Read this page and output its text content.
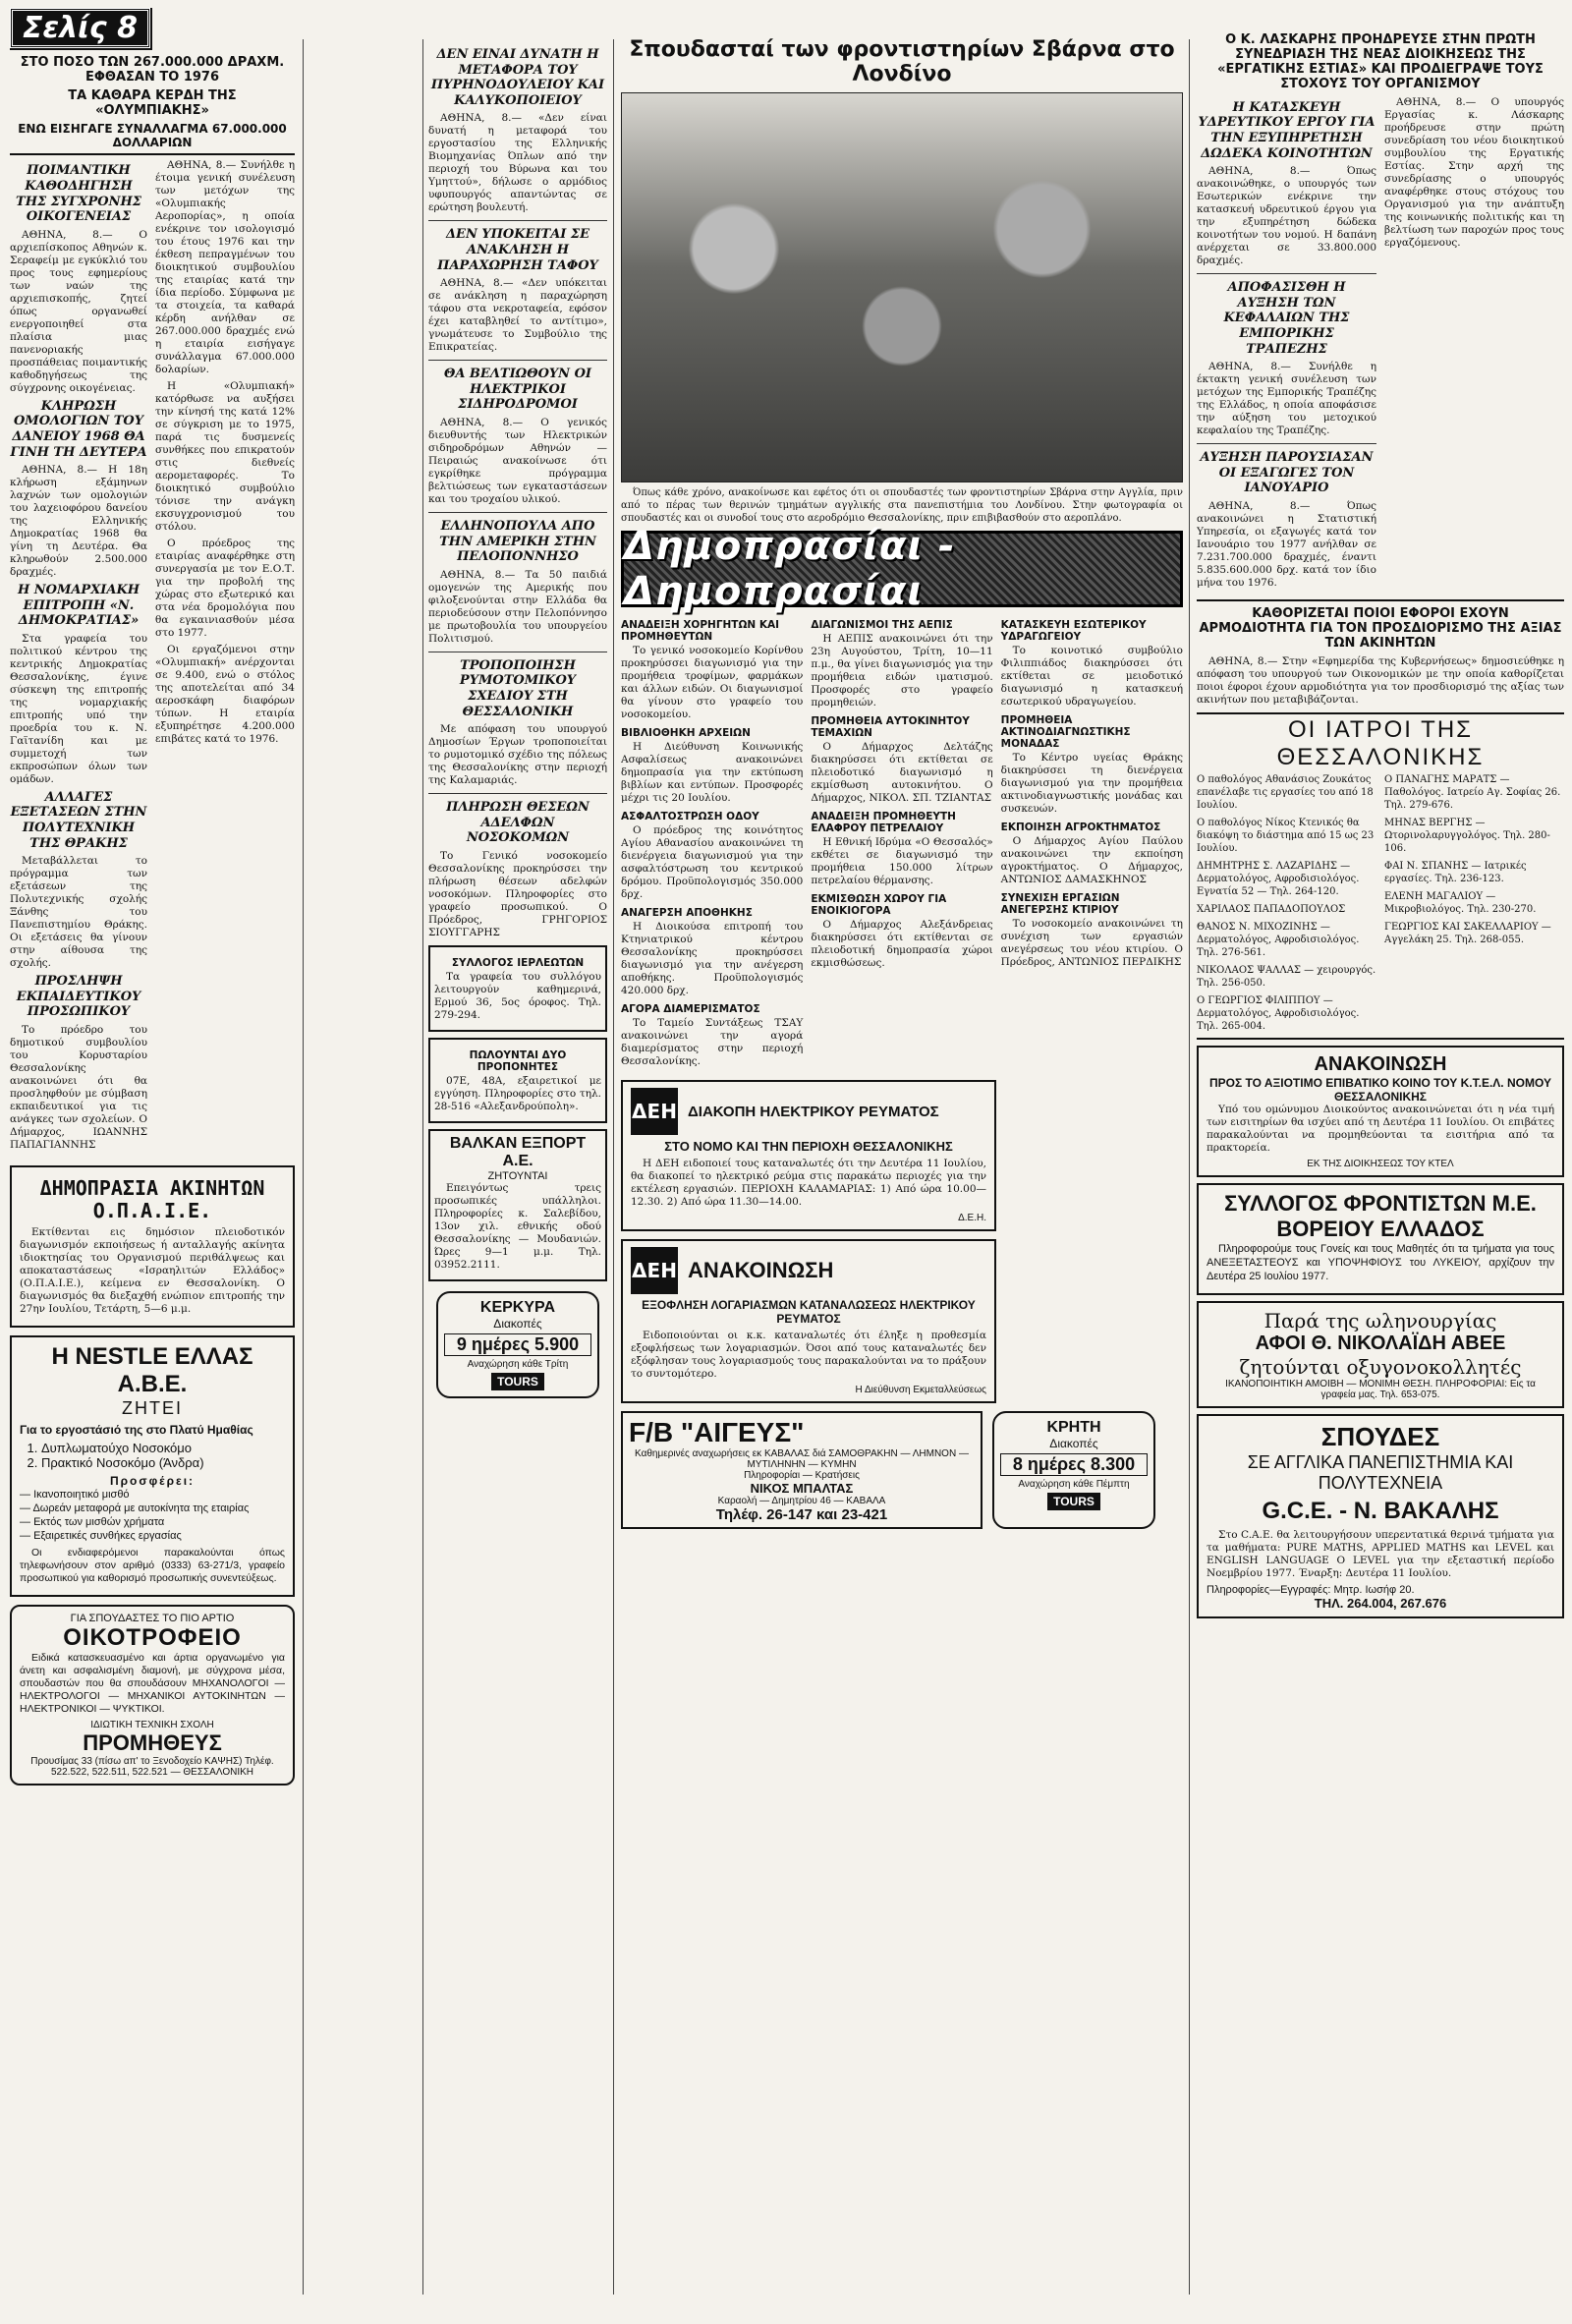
Σελίς 8
ΣΤΟ ΠΟΣΟ ΤΩΝ 267.000.000 ΔΡΑΧΜ. ΕΦΘΑΣΑΝ ΤΟ 1976
ΤΑ ΚΑΘΑΡΑ ΚΕΡΔΗ ΤΗΣ «ΟΛΥΜΠΙΑΚΗΣ»
ΕΝΩ ΕΙΣΗΓΑΓΕ ΣΥΝΑΛΛΑΓΜΑ 67.000.000 ΔΟΛΛΑΡΙΩΝ
ΠΟΙΜΑΝΤΙΚΗ ΚΑΘΟΔΗΓΗΣΗ ΤΗΣ ΣΥΓΧΡΟΝΗΣ ΟΙΚΟΓΕΝΕΙΑΣ

ΑΘΗΝΑ, 8.— Ο αρχιεπίσκοπος Αθηνών κ. Σεραφείμ με εγκύκλιό του προς τους εφημερίους των ναών της αρχιεπισκοπής, ζητεί όπως οργανωθεί ενεργοποιηθεί στα πλαίσια μιας πανενοριακής προσπάθειας ποιμαντικής καθοδηγήσεως της σύγχρονης οικογένειας.

ΚΛΗΡΩΣΗ ΟΜΟΛΟΓΙΩΝ ΤΟΥ ΔΑΝΕΙΟΥ 1968 ΘΑ ΓΙΝΗ ΤΗ ΔΕΥΤΕΡΑ

ΑΘΗΝΑ, 8.— Η 18η κλήρωση εξάμηνων λαχνών των ομολογιών του λαχειοφόρου δανείου της Ελληνικής Δημοκρατίας 1968 θα γίνη τη Δευτέρα. Θα κληρωθούν 2.500.000 δραχμές.

Η ΝΟΜΑΡΧΙΑΚΗ ΕΠΙΤΡΟΠΗ «Ν. ΔΗΜΟΚΡΑΤΙΑΣ»

Στα γραφεία του πολιτικού κέντρου της κεντρικής Δημοκρατίας Θεσσαλονίκης, έγινε σύσκεψη της επιτροπής της νομαρχιακής επιτροπής υπό την προεδρία του κ. Ν. Γαϊτανίδη και με συμμετοχή των εκπροσώπων όλων των ομάδων.

ΑΛΛΑΓΕΣ ΕΞΕΤΑΣΕΩΝ ΣΤΗΝ ΠΟΛΥΤΕΧΝΙΚΗ ΤΗΣ ΘΡΑΚΗΣ

Μεταβάλλεται το πρόγραμμα των εξετάσεων της Πολυτεχνικής σχολής Ξάνθης του Πανεπιστημίου Θράκης. Οι εξετάσεις θα γίνουν στην αίθουσα της σχολής.

ΠΡΟΣΛΗΨΗ ΕΚΠΑΙΔΕΥΤΙΚΟΥ ΠΡΟΣΩΠΙΚΟΥ

Το πρόεδρο του δημοτικού συμβουλίου του Κορυσταρίου Θεσσαλονίκης ανακοινώνει ότι θα προσληφθούν με σύμβαση εκπαιδευτικοί για τις ανάγκες των σχολείων. Ο Δήμαρχος, ΙΩΑΝΝΗΣ ΠΑΠΑΓΙΑΝΝΗΣ

ΑΘΗΝΑ, 8.— Συνήλθε η έτοιμα γενική συνέλευση των μετόχων της «Ολυμπιακής Αεροπορίας», η οποία ενέκρινε τον ισολογισμό του έτους 1976 και την έκθεση πεπραγμένων του διοικητικού συμβουλίου της εταιρίας κατά την ίδια περίοδο. Σύμφωνα με τα στοιχεία, τα καθαρά κέρδη ανήλθαν σε 267.000.000 δραχμές ενώ η εταιρία εισήγαγε συνάλλαγμα 67.000.000 δολαρίων.

Η «Ολυμπιακή» κατόρθωσε να αυξήσει την κίνησή της κατά 12% σε σύγκριση με το 1975, παρά τις δυσμενείς συνθήκες που επικρατούν στις διεθνείς αερομεταφορές. Το διοικητικό συμβούλιο τόνισε την ανάγκη εκσυγχρονισμού του στόλου.

Ο πρόεδρος της εταιρίας αναφέρθηκε στη συνεργασία με τον Ε.Ο.Τ. για την προβολή της χώρας στο εξωτερικό και στα νέα δρομολόγια που θα εγκαινιασθούν μέσα στο 1977.

Οι εργαζόμενοι στην «Ολυμπιακή» ανέρχονται σε 9.400, ενώ ο στόλος της αποτελείται από 34 αεροσκάφη διαφόρων τύπων. Η εταιρία εξυπηρέτησε 4.200.000 επιβάτες κατά το 1976.

ΔΗΜΟΠΡΑΣΙΑ ΑΚΙΝΗΤΩΝ Ο.Π.Α.Ι.Ε.

Εκτίθενται εις δημόσιον πλειοδοτικόν διαγωνισμόν εκποιήσεως ή ανταλλαγής ακίνητα ιδιοκτησίας του Οργανισμού περιθάλψεως και αποκαταστάσεως «Ισραηλιτών Ελλάδος» (Ο.Π.Α.Ι.Ε.), κείμενα εν Θεσσαλονίκη. Ο διαγωνισμός θα διεξαχθή ενώπιον επιτροπής την 27ην Ιουλίου, Τετάρτη, 5—6 μ.μ.

Η NESTLE ΕΛΛΑΣ Α.Β.Ε.
ΖΗΤΕΙ
Για το εργοστάσιό της στο Πλατύ Ημαθίας
1. Δυπλωματούχο Νοσοκόμο
2. Πρακτικό Νοσοκόμο (Άνδρα)
Προσφέρει:
— Ικανοποιητικό μισθό
— Δωρεάν μεταφορά με αυτοκίνητα της εταιρίας
— Εκτός των μισθών χρήματα
— Εξαιρετικές συνθήκες εργασίας

Οι ενδιαφερόμενοι παρακαλούνται όπως τηλεφωνήσουν στον αριθμό (0333) 63-271/3, γραφείο προσωπικού για καθορισμό προσωπικής συνεντεύξεως.

ΓΙΑ ΣΠΟΥΔΑΣΤΕΣ ΤΟ ΠΙΟ ΑΡΤΙΟ
ΟΙΚΟΤΡΟΦΕΙΟ

Ειδικά κατασκευασμένο και άρτια οργανωμένο για άνετη και ασφαλισμένη διαμονή, με σύγχρονα μέσα, σπουδαστών που θα σπουδάσουν ΜΗΧΑΝΟΛΟΓΟΙ — ΗΛΕΚΤΡΟΛΟΓΟΙ — ΜΗΧΑΝΙΚΟΙ ΑΥΤΟΚΙΝΗΤΩΝ — ΗΛΕΚΤΡΟΝΙΚΟΙ — ΨΥΚΤΙΚΟΙ.

ΙΔΙΩΤΙΚΗ ΤΕΧΝΙΚΗ ΣΧΟΛΗ
ΠΡΟΜΗΘΕΥΣ
Προυσίμας 33 (πίσω απ' το Ξενοδοχείο ΚΑΨΗΣ) Τηλέφ. 522.522, 522.511, 522.521 — ΘΕΣΣΑΛΟΝΙΚΗ
ΔΕΝ ΕΙΝΑΙ ΔΥΝΑΤΗ Η ΜΕΤΑΦΟΡΑ ΤΟΥ ΠΥΡΗΝΟΔΟΥΛΕΙΟΥ ΚΑΙ ΚΑΛΥΚΟΠΟΙΕΙΟΥ

ΑΘΗΝΑ, 8.— «Δεν είναι δυνατή η μεταφορά του εργοστασίου της Ελληνικής Βιομηχανίας Όπλων από την περιοχή του Βύρωνα και του Υμηττού», δήλωσε ο αρμόδιος υφυπουργός απαντώντας σε ερώτηση βουλευτή.

ΔΕΝ ΥΠΟΚΕΙΤΑΙ ΣΕ ΑΝΑΚΛΗΣΗ Η ΠΑΡΑΧΩΡΗΣΗ ΤΑΦΟΥ

ΑΘΗΝΑ, 8.— «Δεν υπόκειται σε ανάκληση η παραχώρηση τάφου στα νεκροταφεία, εφόσον έχει καταβληθεί το αντίτιμο», γνωμάτευσε το Συμβούλιο της Επικρατείας.

ΘΑ ΒΕΛΤΙΩΘΟΥΝ ΟΙ ΗΛΕΚΤΡΙΚΟΙ ΣΙΔΗΡΟΔΡΟΜΟΙ

ΑΘΗΝΑ, 8.— Ο γενικός διευθυντής των Ηλεκτρικών σιδηροδρόμων Αθηνών — Πειραιώς ανακοίνωσε ότι εγκρίθηκε πρόγραμμα βελτιώσεως των εγκαταστάσεων και του τροχαίου υλικού.

ΕΛΛΗΝΟΠΟΥΛΑ ΑΠΟ ΤΗΝ ΑΜΕΡΙΚΗ ΣΤΗΝ ΠΕΛΟΠΟΝΝΗΣΟ

ΑΘΗΝΑ, 8.— Τα 50 παιδιά ομογενών της Αμερικής που φιλοξενούνται στην Ελλάδα θα περιοδεύσουν στην Πελοπόννησο με πρωτοβουλία του υπουργείου Πολιτισμού.

ΤΡΟΠΟΠΟΙΗΣΗ ΡΥΜΟΤΟΜΙΚΟΥ ΣΧΕΔΙΟΥ ΣΤΗ ΘΕΣΣΑΛΟΝΙΚΗ

Με απόφαση του υπουργού Δημοσίων Έργων τροποποιείται το ρυμοτομικό σχέδιο της πόλεως της Θεσσαλονίκης στην περιοχή της Καλαμαριάς.

ΠΛΗΡΩΣΗ ΘΕΣΕΩΝ ΑΔΕΛΦΩΝ ΝΟΣΟΚΟΜΩΝ

Το Γενικό νοσοκομείο Θεσσαλονίκης προκηρύσσει την πλήρωση θέσεων αδελφών νοσοκόμων. Πληροφορίες στο γραφείο προσωπικού. Ο Πρόεδρος, ΓΡΗΓΟΡΙΟΣ ΣΙΟΥΓΓΑΡΗΣ

ΣΥΛΛΟΓΟΣ ΙΕΡΛΕΩΤΩΝ

Τα γραφεία του συλλόγου λειτουργούν καθημερινά, Ερμού 36, 5ος όροφος. Τηλ. 279-294.

ΠΩΛΟΥΝΤΑΙ ΔΥΟ ΠΡΟΠΟΝΗΤΕΣ

07Ε, 48Α, εξαιρετικοί με εγγύηση. Πληροφορίες στο τηλ. 28-516 «Αλεξανδρούπολη».

ΒΑΛΚΑΝ ΕΞΠΟΡΤ Α.Ε.
ΖΗΤΟΥΝΤΑΙ

Επειγόντως τρεις προσωπικές υπάλληλοι. Πληροφορίες κ. Σαλεβίδου, 13ον χιλ. εθνικής οδού Θεσσαλονίκης — Μουδανιών. Ώρες 9—1 μ.μ. Τηλ. 03952.2111.

ΚΕΡΚΥΡΑ
Διακοπές
9 ημέρες 5.900
Αναχώρηση κάθε Τρίτη
TOURS
Σπουδασταί των φροντιστηρίων Σβάρνα στο Λονδίνο

Όπως κάθε χρόνο, ανακοίνωσε και εφέτος ότι οι σπουδαστές των φροντιστηρίων Σβάρνα στην Αγγλία, πριν από το πέρας των θερινών τμημάτων αγγλικής στα πανεπιστήμια του Λονδίνου. Στην φωτογραφία οι σπουδαστές και οι συνοδοί τους στο αεροδρόμιο Θεσσαλονίκης, πριν επιβιβασθούν στο αεροπλάνο.

Δημοπρασίαι - Δημοπρασίαι
ΑΝΑΔΕΙΞΗ ΧΟΡΗΓΗΤΩΝ ΚΑΙ ΠΡΟΜΗΘΕΥΤΩΝ

Το γενικό νοσοκομείο Κορίνθου προκηρύσσει διαγωνισμό για την προμήθεια τροφίμων, φαρμάκων και άλλων ειδών. Οι διαγωνισμοί θα γίνουν στο γραφείο του νοσοκομείου.

ΒΙΒΛΙΟΘΗΚΗ ΑΡΧΕΙΩΝ

Η Διεύθυνση Κοινωνικής Ασφαλίσεως ανακοινώνει δημοπρασία για την εκτύπωση βιβλίων και εντύπων. Προσφορές μέχρι τις 20 Ιουλίου.

ΑΣΦΑΛΤΟΣΤΡΩΣΗ ΟΔΟΥ

Ο πρόεδρος της κοινότητος Αγίου Αθανασίου ανακοινώνει τη διενέργεια διαγωνισμού για την ασφαλτόστρωση του κεντρικού δρόμου. Προϋπολογισμός 350.000 δρχ.

ΑΝΑΓΕΡΣΗ ΑΠΟΘΗΚΗΣ

Η Διοικούσα επιτροπή του Κτηνιατρικού κέντρου Θεσσαλονίκης προκηρύσσει διαγωνισμό για την ανέγερση αποθήκης. Προϋπολογισμός 420.000 δρχ.

ΑΓΟΡΑ ΔΙΑΜΕΡΙΣΜΑΤΟΣ

Το Ταμείο Συντάξεως ΤΣΑΥ ανακοινώνει την αγορά διαμερίσματος στην περιοχή Θεσσαλονίκης.

ΔΙΑΓΩΝΙΣΜΟΙ ΤΗΣ ΑΕΠΙΣ

Η ΑΕΠΙΣ ανακοινώνει ότι την 23η Αυγούστου, Τρίτη, 10—11 π.μ., θα γίνει διαγωνισμός για την προμήθεια ειδών ιματισμού. Προσφορές στο γραφείο προμηθειών.

ΠΡΟΜΗΘΕΙΑ ΑΥΤΟΚΙΝΗΤΟΥ ΤΕΜΑΧΙΩΝ

Ο Δήμαρχος Δελτάζης διακηρύσσει ότι εκτίθεται σε πλειοδοτικό διαγωνισμό η εκμίσθωση αυτοκινήτου. Ο Δήμαρχος, ΝΙΚΟΛ. ΣΠ. ΤΖΙΑΝΤΑΣ

ΑΝΑΔΕΙΞΗ ΠΡΟΜΗΘΕΥΤΗ ΕΛΑΦΡΟΥ ΠΕΤΡΕΛΑΙΟΥ

Η Εθνική Ιδρύμα «Ο Θεσσαλός» εκθέτει σε διαγωνισμό την προμήθεια 150.000 λίτρων πετρελαίου θέρμανσης.

ΕΚΜΙΣΘΩΣΗ ΧΩΡΟΥ ΓΙΑ ΕΝΟΙΚΙΟΓΟΡΑ

Ο Δήμαρχος Αλεξάνδρειας διακηρύσσει ότι εκτίθενται σε πλειοδοτική δημοπρασία χώροι εκμισθώσεως.

ΚΑΤΑΣΚΕΥΗ ΕΣΩΤΕΡΙΚΟΥ ΥΔΡΑΓΩΓΕΙΟΥ

Το κοινοτικό συμβούλιο Φιλιππιάδος διακηρύσσει ότι εκτίθεται σε μειοδοτικό διαγωνισμό η κατασκευή εσωτερικού υδραγωγείου.

ΠΡΟΜΗΘΕΙΑ ΑΚΤΙΝΟΔΙΑΓΝΩΣΤΙΚΗΣ ΜΟΝΑΔΑΣ

Το Κέντρο υγείας Θράκης διακηρύσσει τη διενέργεια διαγωνισμού για την προμήθεια ακτινοδιαγνωστικής μονάδας και συσκευών.

ΕΚΠΟΙΗΣΗ ΑΓΡΟΚΤΗΜΑΤΟΣ

Ο Δήμαρχος Αγίου Παύλου ανακοινώνει την εκποίηση αγροκτήματος. Ο Δήμαρχος, ΑΝΤΩΝΙΟΣ ΔΑΜΑΣΚΗΝΟΣ

ΣΥΝΕΧΙΣΗ ΕΡΓΑΣΙΩΝ ΑΝΕΓΕΡΣΗΣ ΚΤΙΡΙΟΥ

Το νοσοκομείο ανακοινώνει τη συνέχιση των εργασιών ανεγέρσεως του νέου κτιρίου. Ο Πρόεδρος, ΑΝΤΩΝΙΟΣ ΠΕΡΔΙΚΗΣ

ΔΕΗ ΔΙΑΚΟΠΗ ΗΛΕΚΤΡΙΚΟΥ ΡΕΥΜΑΤΟΣ
ΣΤΟ ΝΟΜΟ ΚΑΙ ΤΗΝ ΠΕΡΙΟΧΗ ΘΕΣΣΑΛΟΝΙΚΗΣ

Η ΔΕΗ ειδοποιεί τους καταναλωτές ότι την Δευτέρα 11 Ιουλίου, θα διακοπεί το ηλεκτρικό ρεύμα στις παρακάτω περιοχές για την εκτέλεση εργασιών. ΠΕΡΙΟΧΗ ΚΑΛΑΜΑΡΙΑΣ: 1) Από ώρα 10.00—12.30. 2) Από ώρα 11.30—14.00.

Δ.Ε.Η.
ΔΕΗ ΑΝΑΚΟΙΝΩΣΗ
ΕΞΟΦΛΗΣΗ ΛΟΓΑΡΙΑΣΜΩΝ ΚΑΤΑΝΑΛΩΣΕΩΣ ΗΛΕΚΤΡΙΚΟΥ ΡΕΥΜΑΤΟΣ

Ειδοποιούνται οι κ.κ. καταναλωτές ότι έληξε η προθεσμία εξοφλήσεως των λογαριασμών. Όσοι από τους καταναλωτές δεν εξόφλησαν τους λογαριασμούς τους παρακαλούνται να το πράξουν το συντομότερο.

Η Διεύθυνση Εκμεταλλεύσεως
F/B "ΑΙΓΕΥΣ"
Καθημερινές αναχωρήσεις εκ ΚΑΒΑΛΑΣ διά ΣΑΜΟΘΡΑΚΗΝ — ΛΗΜΝΟΝ — ΜΥΤΙΛΗΝΗΝ — ΚΥΜΗΝ
Πληροφορίαι — Κρατήσεις
ΝΙΚΟΣ ΜΠΑΛΤΑΣ
Καραολή — Δημητρίου 46 — ΚΑΒΑΛΑ
Τηλέφ. 26-147 και 23-421
ΚΡΗΤΗ
Διακοπές
8 ημέρες 8.300
Αναχώρηση κάθε Πέμπτη
TOURS
Ο Κ. ΛΑΣΚΑΡΗΣ ΠΡΟΗΔΡΕΥΣΕ ΣΤΗΝ ΠΡΩΤΗ ΣΥΝΕΔΡΙΑΣΗ ΤΗΣ ΝΕΑΣ ΔΙΟΙΚΗΣΕΩΣ ΤΗΣ «ΕΡΓΑΤΙΚΗΣ ΕΣΤΙΑΣ» ΚΑΙ ΠΡΟΔΙΕΓΡΑΨΕ ΤΟΥΣ ΣΤΟΧΟΥΣ ΤΟΥ ΟΡΓΑΝΙΣΜΟΥ
Η ΚΑΤΑΣΚΕΥΗ ΥΔΡΕΥΤΙΚΟΥ ΕΡΓΟΥ ΓΙΑ ΤΗΝ ΕΞΥΠΗΡΕΤΗΣΗ ΔΩΔΕΚΑ ΚΟΙΝΟΤΗΤΩΝ

ΑΘΗΝΑ, 8.— Όπως ανακοινώθηκε, ο υπουργός των Εσωτερικών ενέκρινε την κατασκευή υδρευτικού έργου για την εξυπηρέτηση δώδεκα κοινοτήτων του νομού. Η δαπάνη ανέρχεται σε 33.800.000 δραχμές.

ΑΠΟΦΑΣΙΣΘΗ Η ΑΥΞΗΣΗ ΤΩΝ ΚΕΦΑΛΑΙΩΝ ΤΗΣ ΕΜΠΟΡΙΚΗΣ ΤΡΑΠΕΖΗΣ

ΑΘΗΝΑ, 8.— Συνήλθε η έκτακτη γενική συνέλευση των μετόχων της Εμπορικής Τραπέζης της Ελλάδος, η οποία αποφάσισε την αύξηση του μετοχικού κεφαλαίου της Τραπέζης.

ΑΥΞΗΣΗ ΠΑΡΟΥΣΙΑΣΑΝ ΟΙ ΕΞΑΓΩΓΕΣ ΤΟΝ ΙΑΝΟΥΑΡΙΟ

ΑΘΗΝΑ, 8.— Όπως ανακοινώνει η Στατιστική Υπηρεσία, οι εξαγωγές κατά τον Ιανουάριο του 1977 ανήλθαν σε 7.231.700.000 δραχμές, έναντι 5.835.600.000 δρχ. κατά τον ίδιο μήνα του 1976.

ΑΘΗΝΑ, 8.— Ο υπουργός Εργασίας κ. Λάσκαρης προήδρευσε στην πρώτη συνεδρίαση του νέου διοικητικού συμβουλίου της Εργατικής Εστίας. Στην αρχή της συνεδρίασης ο υπουργός αναφέρθηκε στους στόχους του Οργανισμού για την ανάπτυξη της κοινωνικής πολιτικής και τη βελτίωση των παροχών προς τους εργαζόμενους.

ΚΑΘΟΡΙΖΕΤΑΙ ΠΟΙΟΙ ΕΦΟΡΟΙ ΕΧΟΥΝ ΑΡΜΟΔΙΟΤΗΤΑ ΓΙΑ ΤΟΝ ΠΡΟΣΔΙΟΡΙΣΜΟ ΤΗΣ ΑΞΙΑΣ ΤΩΝ ΑΚΙΝΗΤΩΝ

ΑΘΗΝΑ, 8.— Στην «Εφημερίδα της Κυβερνήσεως» δημοσιεύθηκε η απόφαση του υπουργού των Οικονομικών με την οποία καθορίζεται ποιοι έφοροι έχουν αρμοδιότητα για τον προσδιορισμό της αξίας των ακινήτων που μεταβιβάζονται.

ΟΙ ΙΑΤΡΟΙ ΤΗΣ ΘΕΣΣΑΛΟΝΙΚΗΣ

Ο παθολόγος Αθανάσιος Ζουκάτος επανέλαβε τις εργασίες του από 18 Ιουλίου.

Ο παθολόγος Νίκος Κτενικός θα διακόψη το διάστημα από 15 ως 23 Ιουλίου.

ΔΗΜΗΤΡΗΣ Σ. ΛΑΖΑΡΙΔΗΣ — Δερματολόγος, Αφροδισιολόγος. Εγνατία 52 — Τηλ. 264-120.

ΧΑΡΙΛΑΟΣ ΠΑΠΑΔΟΠΟΥΛΟΣ

ΘΑΝΟΣ Ν. ΜΙΧΟΖΙΝΗΣ — Δερματολόγος, Αφροδισιολόγος. Τηλ. 276-561.

ΝΙΚΟΛΑΟΣ ΨΑΛΛΑΣ — χειρουργός. Τηλ. 256-050.

Ο ΓΕΩΡΓΙΟΣ ΦΙΛΙΠΠΟΥ — Δερματολόγος, Αφροδισιολόγος. Τηλ. 265-004.

Ο ΠΑΝΑΓΗΣ ΜΑΡΑΤΣ — Παθολόγος. Ιατρείο Αγ. Σοφίας 26. Τηλ. 279-676.

ΜΗΝΑΣ ΒΕΡΓΗΣ — Ωτορινολαρυγγολόγος. Τηλ. 280-106.

ΦΑΙ Ν. ΣΠΑΝΗΣ — Ιατρικές εργασίες. Τηλ. 236-123.

ΕΛΕΝΗ ΜΑΓΑΛΙΟΥ — Μικροβιολόγος. Τηλ. 230-270.

ΓΕΩΡΓΙΟΣ ΚΑΙ ΣΑΚΕΛΛΑΡΙΟΥ — Αγγελάκη 25. Τηλ. 268-055.

ΑΝΑΚΟΙΝΩΣΗ
ΠΡΟΣ ΤΟ ΑΞΙΟΤΙΜΟ ΕΠΙΒΑΤΙΚΟ ΚΟΙΝΟ ΤΟΥ Κ.Τ.Ε.Λ. ΝΟΜΟΥ ΘΕΣΣΑΛΟΝΙΚΗΣ

Υπό του ομώνυμου Διοικούντος ανακοινώνεται ότι η νέα τιμή των εισιτηρίων θα ισχύει από τη Δευτέρα 11 Ιουλίου. Οι επιβάτες παρακαλούνται να προμηθεύονται τα εισιτήρια από τα πρακτορεία.

ΕΚ ΤΗΣ ΔΙΟΙΚΗΣΕΩΣ ΤΟΥ ΚΤΕΛ
ΣΥΛΛΟΓΟΣ ΦΡΟΝΤΙΣΤΩΝ Μ.Ε. ΒΟΡΕΙΟΥ ΕΛΛΑΔΟΣ

Πληροφορούμε τους Γονείς και τους Μαθητές ότι τα τμήματα για τους ΑΝΕΞΕΤΑΣΤΕΟΥΣ και ΥΠΟΨΗΦΙΟΥΣ του ΛΥΚΕΙΟΥ, αρχίζουν την Δευτέρα 25 Ιουλίου 1977.

Παρά της ωληνουργίας
ΑΦΟΙ Θ. ΝΙΚΟΛΑΪΔΗ ΑΒΕΕ
ζητούνται οξυγονοκολλητές
ΙΚΑΝΟΠΟΙΗΤΙΚΗ ΑΜΟΙΒΗ — ΜΟΝΙΜΗ ΘΕΣΗ. ΠΛΗΡΟΦΟΡΙΑΙ: Εις τα γραφεία μας. Τηλ. 653-075.
ΣΠΟΥΔΕΣ
ΣΕ ΑΓΓΛΙΚΑ ΠΑΝΕΠΙΣΤΗΜΙΑ ΚΑΙ ΠΟΛΥΤΕΧΝΕΙΑ
G.C.E. - Ν. ΒΑΚΑΛΗΣ

Στο C.A.E. θα λειτουργήσουν υπερεντατικά θερινά τμήματα για τα μαθήματα: PURE MATHS, APPLIED MATHS και LEVEL και ENGLISH LANGUAGE O LEVEL για την εξεταστική περίοδο Νοεμβρίου 1977. Έναρξη: Δευτέρα 11 Ιουλίου.

Πληροφορίες—Εγγραφές: Μητρ. Ιωσήφ 20.
ΤΗΛ. 264.004, 267.676
